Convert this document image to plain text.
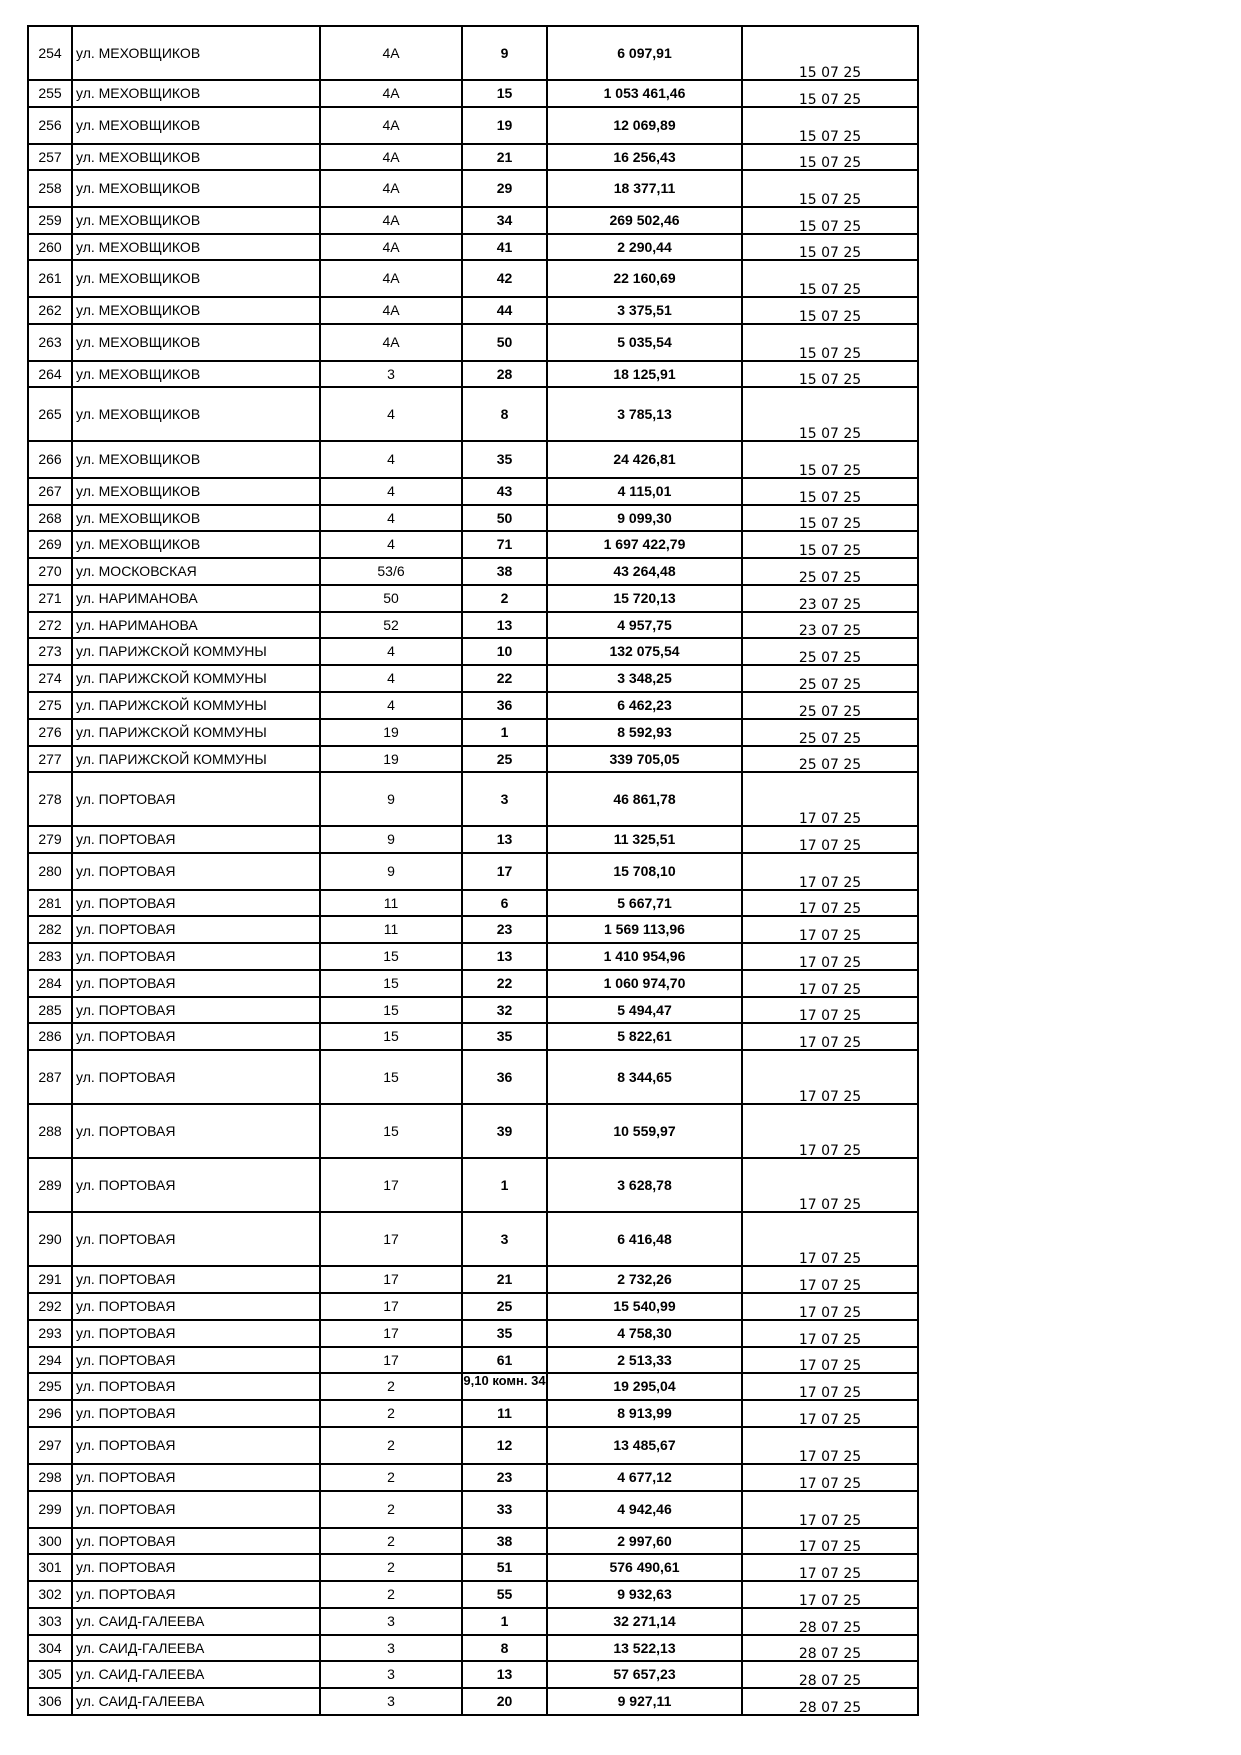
254	ул. МЕХОВЩИКОВ	4А	9	6 097,91	15 07 25
255	ул. МЕХОВЩИКОВ	4А	15	1 053 461,46	15 07 25
256	ул. МЕХОВЩИКОВ	4А	19	12 069,89	15 07 25
257	ул. МЕХОВЩИКОВ	4А	21	16 256,43	15 07 25
258	ул. МЕХОВЩИКОВ	4А	29	18 377,11	15 07 25
259	ул. МЕХОВЩИКОВ	4А	34	269 502,46	15 07 25
260	ул. МЕХОВЩИКОВ	4А	41	2 290,44	15 07 25
261	ул. МЕХОВЩИКОВ	4А	42	22 160,69	15 07 25
262	ул. МЕХОВЩИКОВ	4А	44	3 375,51	15 07 25
263	ул. МЕХОВЩИКОВ	4А	50	5 035,54	15 07 25
264	ул. МЕХОВЩИКОВ	3	28	18 125,91	15 07 25
265	ул. МЕХОВЩИКОВ	4	8	3 785,13	15 07 25
266	ул. МЕХОВЩИКОВ	4	35	24 426,81	15 07 25
267	ул. МЕХОВЩИКОВ	4	43	4 115,01	15 07 25
268	ул. МЕХОВЩИКОВ	4	50	9 099,30	15 07 25
269	ул. МЕХОВЩИКОВ	4	71	1 697 422,79	15 07 25
270	ул. МОСКОВСКАЯ	53/6	38	43 264,48	25 07 25
271	ул. НАРИМАНОВА	50	2	15 720,13	23 07 25
272	ул. НАРИМАНОВА	52	13	4 957,75	23 07 25
273	ул. ПАРИЖСКОЙ КОММУНЫ	4	10	132 075,54	25 07 25
274	ул. ПАРИЖСКОЙ КОММУНЫ	4	22	3 348,25	25 07 25
275	ул. ПАРИЖСКОЙ КОММУНЫ	4	36	6 462,23	25 07 25
276	ул. ПАРИЖСКОЙ КОММУНЫ	19	1	8 592,93	25 07 25
277	ул. ПАРИЖСКОЙ КОММУНЫ	19	25	339 705,05	25 07 25
278	ул. ПОРТОВАЯ	9	3	46 861,78	17 07 25
279	ул. ПОРТОВАЯ	9	13	11 325,51	17 07 25
280	ул. ПОРТОВАЯ	9	17	15 708,10	17 07 25
281	ул. ПОРТОВАЯ	11	6	5 667,71	17 07 25
282	ул. ПОРТОВАЯ	11	23	1 569 113,96	17 07 25
283	ул. ПОРТОВАЯ	15	13	1 410 954,96	17 07 25
284	ул. ПОРТОВАЯ	15	22	1 060 974,70	17 07 25
285	ул. ПОРТОВАЯ	15	32	5 494,47	17 07 25
286	ул. ПОРТОВАЯ	15	35	5 822,61	17 07 25
287	ул. ПОРТОВАЯ	15	36	8 344,65	17 07 25
288	ул. ПОРТОВАЯ	15	39	10 559,97	17 07 25
289	ул. ПОРТОВАЯ	17	1	3 628,78	17 07 25
290	ул. ПОРТОВАЯ	17	3	6 416,48	17 07 25
291	ул. ПОРТОВАЯ	17	21	2 732,26	17 07 25
292	ул. ПОРТОВАЯ	17	25	15 540,99	17 07 25
293	ул. ПОРТОВАЯ	17	35	4 758,30	17 07 25
294	ул. ПОРТОВАЯ	17	61	2 513,33	17 07 25
295	ул. ПОРТОВАЯ	2	9,10 комн. 34	19 295,04	17 07 25
296	ул. ПОРТОВАЯ	2	11	8 913,99	17 07 25
297	ул. ПОРТОВАЯ	2	12	13 485,67	17 07 25
298	ул. ПОРТОВАЯ	2	23	4 677,12	17 07 25
299	ул. ПОРТОВАЯ	2	33	4 942,46	17 07 25
300	ул. ПОРТОВАЯ	2	38	2 997,60	17 07 25
301	ул. ПОРТОВАЯ	2	51	576 490,61	17 07 25
302	ул. ПОРТОВАЯ	2	55	9 932,63	17 07 25
303	ул. САИД-ГАЛЕЕВА	3	1	32 271,14	28 07 25
304	ул. САИД-ГАЛЕЕВА	3	8	13 522,13	28 07 25
305	ул. САИД-ГАЛЕЕВА	3	13	57 657,23	28 07 25
306	ул. САИД-ГАЛЕЕВА	3	20	9 927,11	28 07 25
